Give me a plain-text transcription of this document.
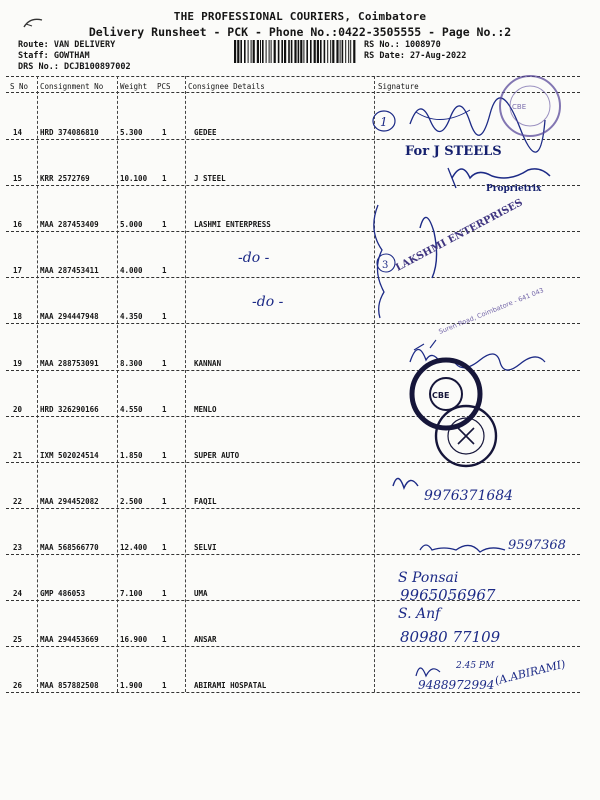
THE PROFESSIONAL COURIERS, Coimbatore
Delivery Runsheet - PCK - Phone No.:0422-3505555 - Page No.:2
Route: VAN DELIVERY
Staff: GOWTHAM
DRS No.: DCJB100897002
RS No.: 1008970
RS Date: 27-Aug-2022
S No Consignment No Weight PCS Consignee Details	Signature
14 HRD 374086810	5.300	1	GEDEE
15 KRR 2572769	10.100 1	J STEEL
16 MAA 287453409	5.000	1	LASHMI ENTERPRESS
17 MAA 287453411	4.000	1
18 MAA 294447948	4.350	1
19 MAA 288753091	8.300	1	KANNAN
20 HRD 326290166	4.550	1	MENLO
21 IXM 502024514	1.850	1	SUPER AUTO
22 MAA 294452082	2.500	1	FAQIL
23 MAA 568566770	12.400 1	SELVI
24 GMP 486053	7.100	1	UMA
25 MAA 294453669	16.900 1	ANSAR
26 MAA 857882508	1.900	1	ABIRAMI HOSPATAL
1
CBE
3
Suren Road, Coimbatore - 641 043
CBE
-do -
-do -
For J STEELS
Proprietrix
LAKSHMI ENTERPRISES
9976371684
9597368
S Ponsai
9965056967
S. Anf
80980 77109
2.45 PM
9488972994 (A.ABIRAMI)
